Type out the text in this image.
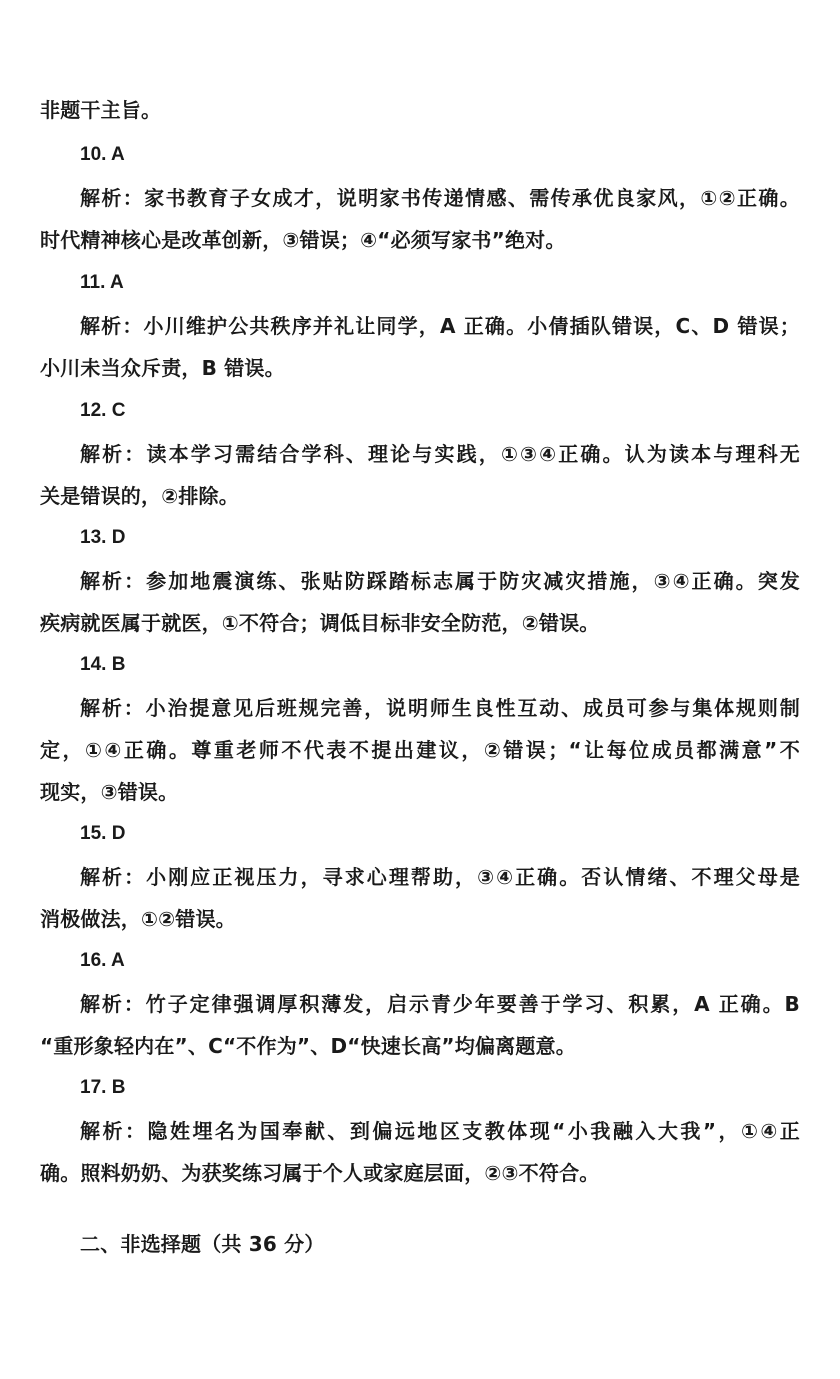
非题干主旨。
10. A
解析：家书教育子女成才，说明家书传递情感、需传承优良家风，①②正确。
时代精神核心是改革创新，③错误；④“必须写家书”绝对。
11. A
解析：小川维护公共秩序并礼让同学，A 正确。小倩插队错误，C、D 错误；
小川未当众斥责，B 错误。
12. C
解析：读本学习需结合学科、理论与实践，①③④正确。认为读本与理科无
关是错误的，②排除。
13. D
解析：参加地震演练、张贴防踩踏标志属于防灾减灾措施，③④正确。突发
疾病就医属于就医，①不符合；调低目标非安全防范，②错误。
14. B
解析：小治提意见后班规完善，说明师生良性互动、成员可参与集体规则制
定，①④正确。尊重老师不代表不提出建议，②错误；“让每位成员都满意”不
现实，③错误。
15. D
解析：小刚应正视压力，寻求心理帮助，③④正确。否认情绪、不理父母是
消极做法，①②错误。
16. A
解析：竹子定律强调厚积薄发，启示青少年要善于学习、积累，A 正确。B
“重形象轻内在”、C“不作为”、D“快速长高”均偏离题意。
17. B
解析：隐姓埋名为国奉献、到偏远地区支教体现“小我融入大我”，①④正
确。照料奶奶、为获奖练习属于个人或家庭层面，②③不符合。
二、非选择题（共 36 分）
